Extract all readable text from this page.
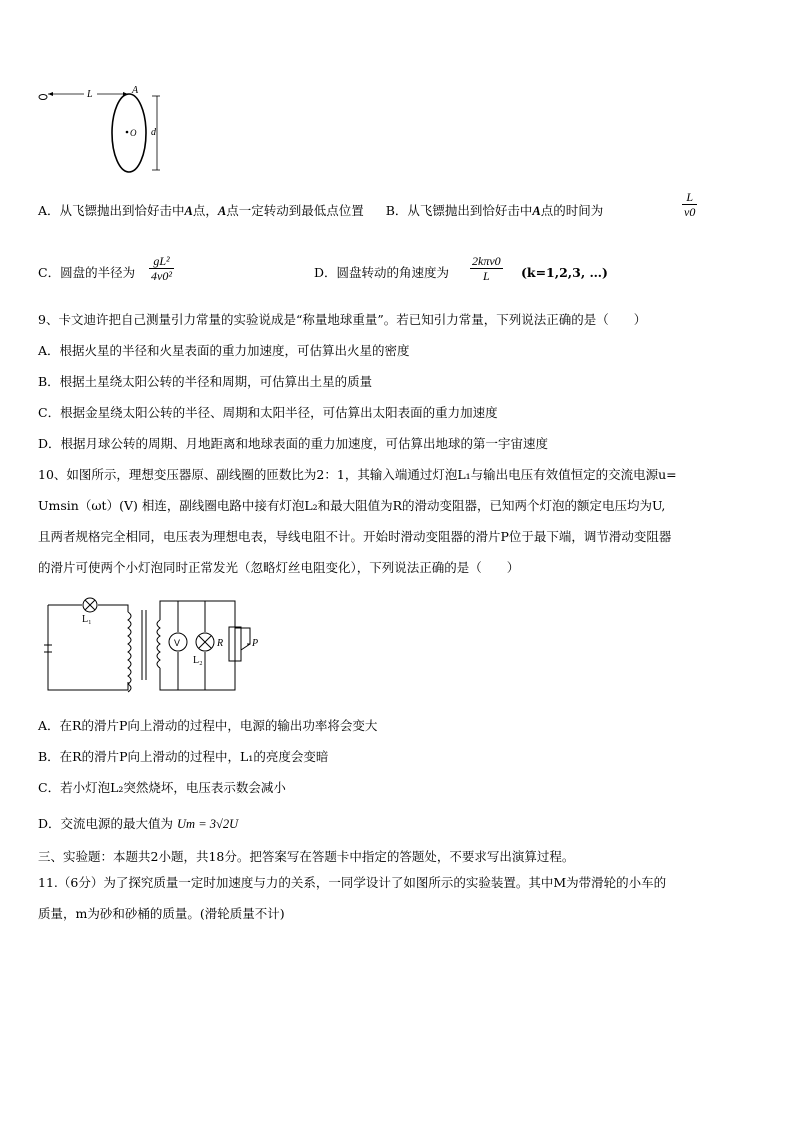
L	A
O d
A．从飞镖抛出到恰好击中A点，A点一定转动到最低点位置 B．从飞镖抛出到恰好击中A点的时间为	$\frac{L}{v0}$
C．圆盘的半径为 $\frac{\text{gL²}}{\text{4v0²}}$	D．圆盘转动的角速度为
2kπv0
L	(k=1,2,3, …)
9、卡文迪许把自己测量引力常量的实验说成是“称量地球重量”。若已知引力常量，下列说法正确的是（　　）
A．根据火星的半径和火星表面的重力加速度，可估算出火星的密度
B．根据土星绕太阳公转的半径和周期，可估算出土星的质量
C．根据金星绕太阳公转的半径、周期和太阳半径，可估算出太阳表面的重力加速度
D．根据月球公转的周期、月地距离和地球表面的重力加速度，可估算出地球的第一宇宙速度
10、如图所示，理想变压器原、副线圈的匝数比为2：1，其输入端通过灯泡L₁与输出电压有效值恒定的交流电源u=
Umsin（ωt）(V) 相连，副线圈电路中接有灯泡L₂和最大阻值为R的滑动变阻器，已知两个灯泡的额定电压均为U,
且两者规格完全相同，电压表为理想电表，导线电阻不计。开始时滑动变阻器的滑片P位于最下端，调节滑动变阻器
的滑片可使两个小灯泡同时正常发光（忽略灯丝电阻变化），下列说法正确的是（　　）
L₁
V	R
L₂
P
A．在R的滑片P向上滑动的过程中，电源的输出功率将会变大
B．在R的滑片P向上滑动的过程中，L₁的亮度会变暗
C．若小灯泡L₂突然烧坏，电压表示数会减小
D．交流电源的最大值为 Um = 3√2U
三、实验题：本题共2小题，共18分。把答案写在答题卡中指定的答题处，不要求写出演算过程。
11.（6分）为了探究质量一定时加速度与力的关系，一同学设计了如图所示的实验装置。其中M为带滑轮的小车的
质量，m为砂和砂桶的质量。(滑轮质量不计)
